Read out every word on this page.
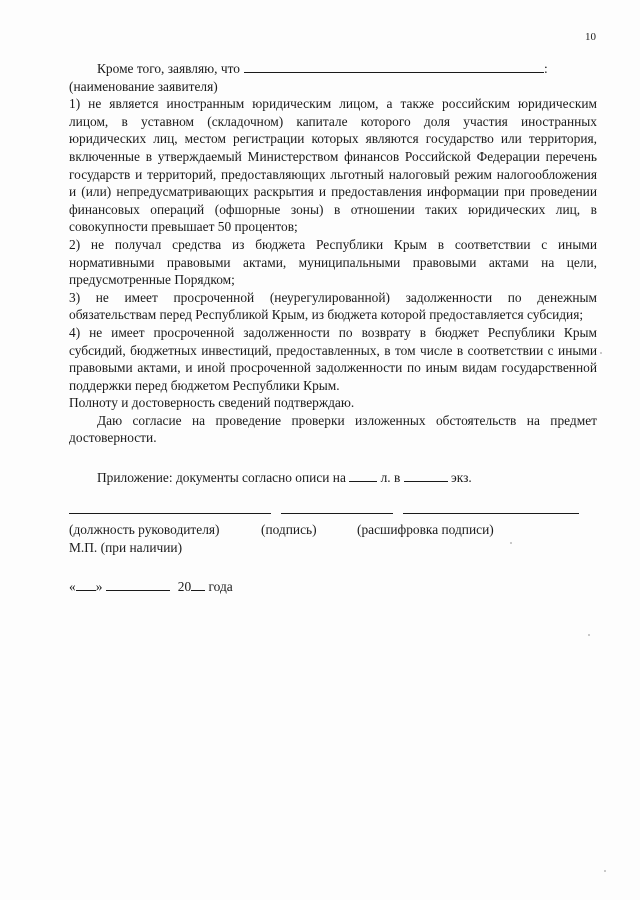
10

Кроме того, заявляю, что	:

(наименование заявителя)

1) не является иностранным юридическим лицом, а также российским юридическим лицом, в уставном (складочном) капитале которого доля участия иностранных юридических лиц, местом регистрации которых являются государство или территория, включенные в утверждаемый Министерством финансов Российской Федерации перечень государств и территорий, предоставляющих льготный налоговый режим налогообложения и (или) непредусматривающих раскрытия и предоставления информации при проведении финансовых операций (офшорные зоны) в отношении таких юридических лиц, в совокупности превышает 50 процентов;

2) не получал средства из бюджета Республики Крым в соответствии с иными нормативными правовыми актами, муниципальными правовыми актами на цели, предусмотренные Порядком;

3) не имеет просроченной (неурегулированной) задолженности по денежным обязательствам перед Республикой Крым, из бюджета которой предоставляется субсидия;

4) не имеет просроченной задолженности по возврату в бюджет Республики Крым субсидий, бюджетных инвестиций, предоставленных, в том числе в соответствии с иными правовыми актами, и иной просроченной задолженности по иным видам государственной поддержки перед бюджетом Республики Крым.

Полноту и достоверность сведений подтверждаю.

Даю согласие на проведение проверки изложенных обстоятельств на предмет достоверности.

Приложение: документы согласно описи на	л. в	экз.

(должность руководителя)	(подпись)	(расшифровка подписи)

М.П. (при наличии)

« »	20 года
